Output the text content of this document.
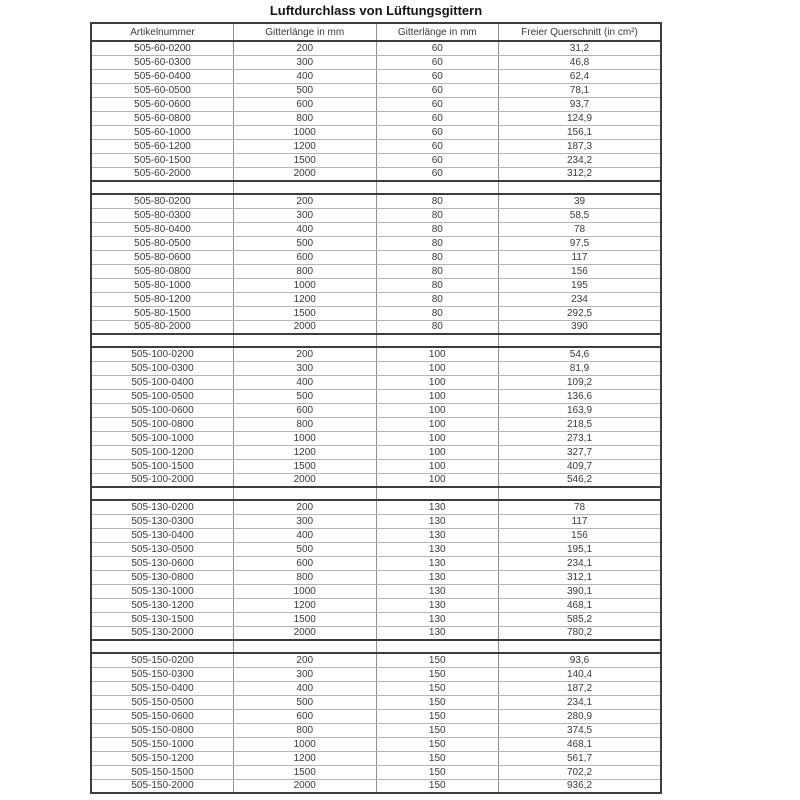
Luftdurchlass von Lüftungsgittern
Artikelnummer	Gitterlänge in mm	Gitterlänge in mm	Freier Querschnitt (in cm²)
505-60-0200	200	60	31,2
505-60-0300	300	60	46,8
505-60-0400	400	60	62,4
505-60-0500	500	60	78,1
505-60-0600	600	60	93,7
505-60-0800	800	60	124,9
505-60-1000	1000	60	156,1
505-60-1200	1200	60	187,3
505-60-1500	1500	60	234,2
505-60-2000	2000	60	312,2

505-80-0200	200	80	39
505-80-0300	300	80	58,5
505-80-0400	400	80	78
505-80-0500	500	80	97,5
505-80-0600	600	80	117
505-80-0800	800	80	156
505-80-1000	1000	80	195
505-80-1200	1200	80	234
505-80-1500	1500	80	292,5
505-80-2000	2000	80	390

505-100-0200	200	100	54,6
505-100-0300	300	100	81,9
505-100-0400	400	100	109,2
505-100-0500	500	100	136,6
505-100-0600	600	100	163,9
505-100-0800	800	100	218,5
505-100-1000	1000	100	273,1
505-100-1200	1200	100	327,7
505-100-1500	1500	100	409,7
505-100-2000	2000	100	546,2

505-130-0200	200	130	78
505-130-0300	300	130	117
505-130-0400	400	130	156
505-130-0500	500	130	195,1
505-130-0600	600	130	234,1
505-130-0800	800	130	312,1
505-130-1000	1000	130	390,1
505-130-1200	1200	130	468,1
505-130-1500	1500	130	585,2
505-130-2000	2000	130	780,2

505-150-0200	200	150	93,6
505-150-0300	300	150	140,4
505-150-0400	400	150	187,2
505-150-0500	500	150	234,1
505-150-0600	600	150	280,9
505-150-0800	800	150	374,5
505-150-1000	1000	150	468,1
505-150-1200	1200	150	561,7
505-150-1500	1500	150	702,2
505-150-2000	2000	150	936,2
